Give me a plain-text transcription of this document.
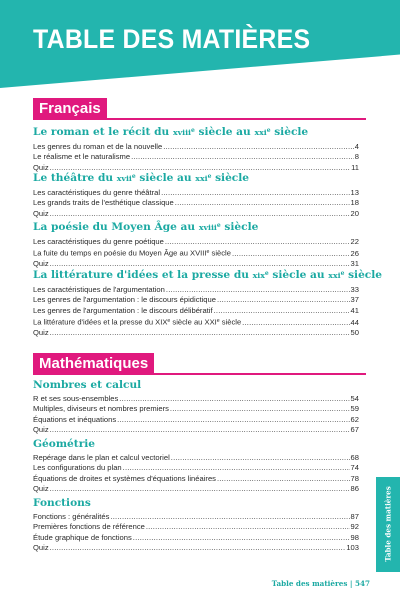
TABLE DES MATIÈRES
Français
Le roman et le récit du xviii$^e$ siècle au xxi$^e$ siècle
Les genres du roman et de la nouvelle .....	4
Le réalisme et le naturalisme .....	8
Quiz .....	11
Le théâtre du xvii$^e$ siècle au xxi$^e$ siècle
Les caractéristiques du genre théâtral .....	13
Les grands traits de l'esthétique classique .....	18
Quiz .....	20
La poésie du Moyen Âge au xviii$^e$ siècle
Les caractéristiques du genre poétique .....	22
La fuite du temps en poésie du Moyen Âge au XVIIIe siècle .....	26
Quiz .....	31
La littérature d'idées et la presse du xix$^e$ siècle au xxi$^e$ siècle
Les caractéristiques de l'argumentation .....	33
Les genres de l'argumentation : le discours épidictique .....	37
Les genres de l'argumentation : le discours délibératif .....	41
La littérature d'idées et la presse du XIXe siècle au XXIe siècle .....	44
Quiz .....	50
Mathématiques
Nombres et calcul
R et ses sous-ensembles .....	54
Multiples, diviseurs et nombres premiers .....	59
Équations et inéquations .....	62
Quiz .....	67
Géométrie
Repérage dans le plan et calcul vectoriel .....	68
Les configurations du plan .....	74
Équations de droites et systèmes d'équations linéaires .....	78
Quiz .....	86
Fonctions
Fonctions : généralités .....	87
Premières fonctions de référence .....	92
Étude graphique de fonctions .....	98
Quiz .....	103	Table des matières
Table des matières | 547
